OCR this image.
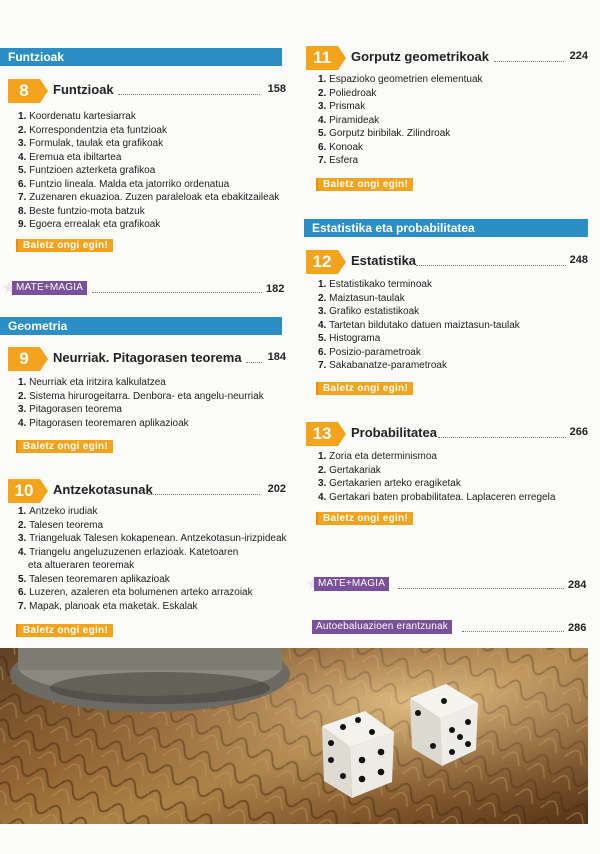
Funtzioak
8	Funtzioak	158
1. Koordenatu kartesiarrak
2. Korrespondentzia eta funtzioak
3. Formulak, taulak eta grafikoak
4. Eremua eta ibiltartea
5. Funtzioen azterketa grafikoa
6. Funtzio lineala. Malda eta jatorriko ordenatua
7. Zuzenaren ekuazioa. Zuzen paraleloak eta ebakitzaileak
8. Beste funtzio-mota batzuk
9. Egoera errealak eta grafikoak
Baletz ongi egin!
MATE+MAGIA	182
Geometria
9	Neurriak. Pitagorasen teorema 184
1. Neurriak eta iritzira kalkulatzea
2. Sistema hirurogeitarra. Denbora- eta angelu-neurriak
3. Pitagorasen teorema
4. Pitagorasen teoremaren aplikazioak
Baletz ongi egin!
10	Antzekotasunak	202
1. Antzeko irudiak
2. Talesen teorema
3. Triangeluak Talesen kokapenean. Antzekotasun-irizpideak
4. Triangelu angeluzuzenen erlazioak. Katetoaren
eta altueraren teoremak
5. Talesen teoremaren aplikazioak
6. Luzeren, azaleren eta bolumenen arteko arrazoiak
7. Mapak, planoak eta maketak. Eskalak
Baletz ongi egin!
11	Gorputz geometrikoak	224
1. Espazioko geometrien elementuak
2. Poliedroak
3. Prismak
4. Piramideak
5. Gorputz biribilak. Zilindroak
6. Konoak
7. Esfera
Baletz ongi egin!
Estatistika eta probabilitatea
12	Estatistika	248
1. Estatistikako terminoak
2. Maiztasun-taulak
3. Grafiko estatistikoak
4. Tartetan bildutako datuen maiztasun-taulak
5. Histograma
6. Posizio-parametroak
7. Sakabanatze-parametroak
Baletz ongi egin!
13	Probabilitatea	266
1. Zoria eta determinismoa
2. Gertakariak
3. Gertakarien arteko eragiketak
4. Gertakari baten probabilitatea. Laplaceren erregela
Baletz ongi egin!
MATE+MAGIA	284
Autoebaluazioen erantzunak	286
